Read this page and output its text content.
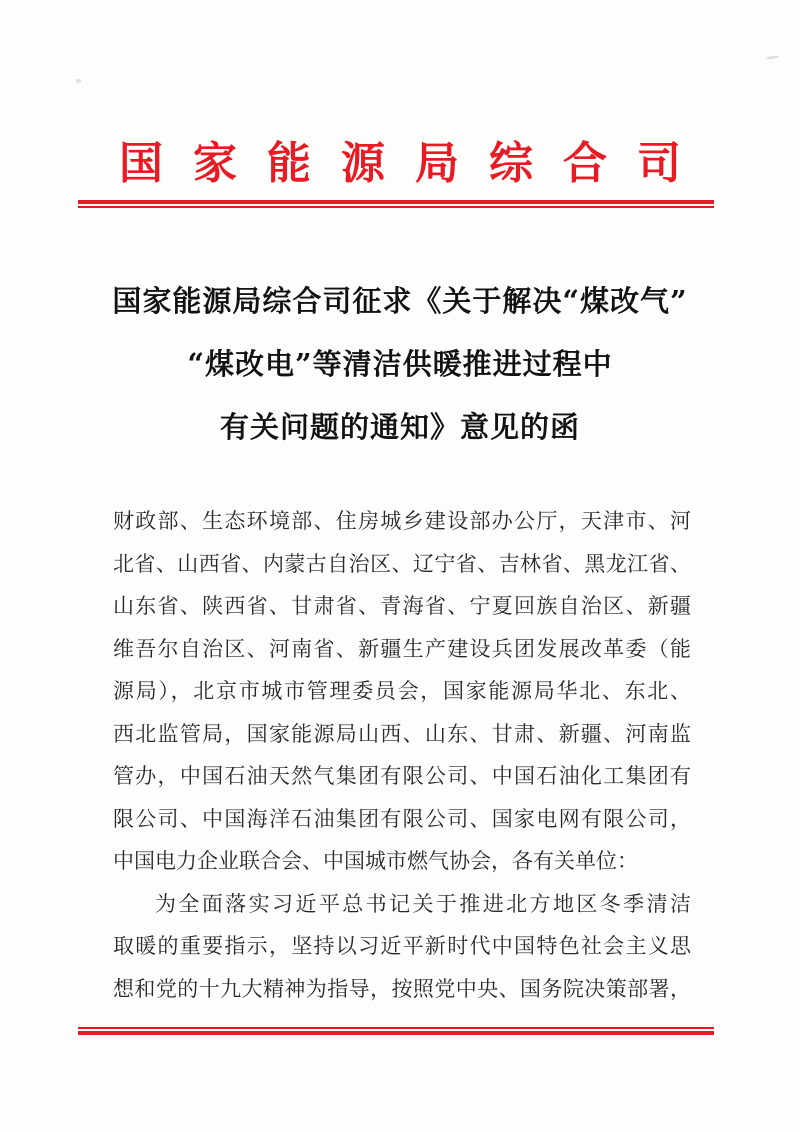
国家能源局综合司
国家能源局综合司征求《关于解决“煤改气”
“煤改电”等清洁供暖推进过程中
有关问题的通知》意见的函
财政部、生态环境部、住房城乡建设部办公厅，天津市、河
北省、山西省、内蒙古自治区、辽宁省、吉林省、黑龙江省、
山东省、陕西省、甘肃省、青海省、宁夏回族自治区、新疆
维吾尔自治区、河南省、新疆生产建设兵团发展改革委（能
源局），北京市城市管理委员会，国家能源局华北、东北、
西北监管局，国家能源局山西、山东、甘肃、新疆、河南监
管办，中国石油天然气集团有限公司、中国石油化工集团有
限公司、中国海洋石油集团有限公司、国家电网有限公司，
中国电力企业联合会、中国城市燃气协会，各有关单位：
为全面落实习近平总书记关于推进北方地区冬季清洁
取暖的重要指示，坚持以习近平新时代中国特色社会主义思
想和党的十九大精神为指导，按照党中央、国务院决策部署，
